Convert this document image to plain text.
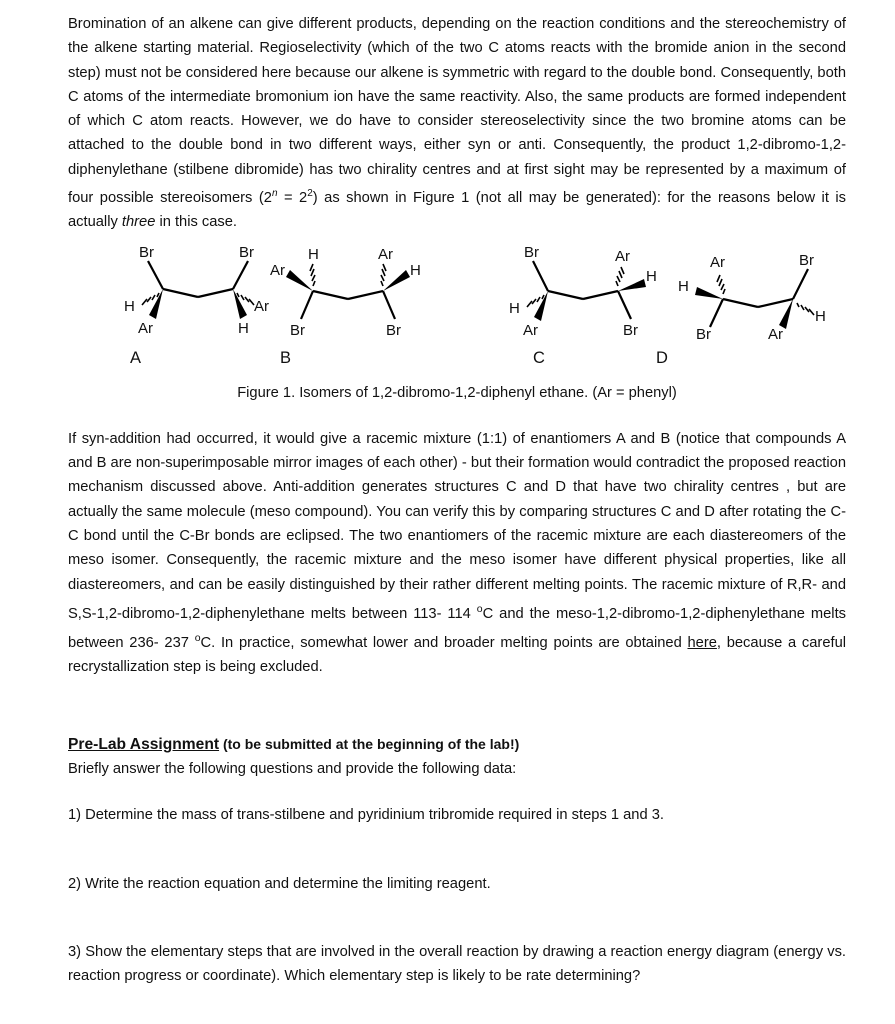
Bromination of an alkene can give different products, depending on the reaction conditions and the stereochemistry of the alkene starting material. Regioselectivity (which of the two C atoms reacts with the bromide anion in the second step) must not be considered here because our alkene is symmetric with regard to the double bond. Consequently, both C atoms of the intermediate bromonium ion have the same reactivity. Also, the same products are formed independent of which C atom reacts. However, we do have to consider stereoselectivity since the two bromine atoms can be attached to the double bond in two different ways, either syn or anti. Consequently, the product 1,2-dibromo-1,2-diphenylethane (stilbene dibromide) has two chirality centres and at first sight may be represented by a maximum of four possible stereoisomers $(2^n = 2^2)$ as shown in Figure 1 (not all may be generated): for the reasons below it is actually three in this case.

Br	Br
H
Ar
Ar
H
A
H
Ar
Ar
H
Br	Br
B
Br
H
Ar
Ar
H
Br
C
Ar
H
Br
Br
H
Ar
D

Figure 1. Isomers of 1,2-dibromo-1,2-diphenyl ethane. (Ar = phenyl)

If syn-addition had occurred, it would give a racemic mixture (1:1) of enantiomers A and B (notice that compounds A and B are non-superimposable mirror images of each other) - but their formation would contradict the proposed reaction mechanism discussed above. Anti-addition generates structures C and D that have two chirality centres , but are actually the same molecule (meso compound). You can verify this by comparing structures C and D after rotating the C-C bond until the C-Br bonds are eclipsed. The two enantiomers of the racemic mixture are each diastereomers of the meso isomer. Consequently, the racemic mixture and the meso isomer have different physical properties, like all diastereomers, and can be easily distinguished by their rather different melting points. The racemic mixture of R,R- and S,S-1,2-dibromo-1,2-diphenylethane melts between 113- 114 $^o$C and the meso-1,2-dibromo-1,2-diphenylethane melts between 236- 237 $^o$C. In practice, somewhat lower and broader melting points are obtained here, because a careful recrystallization step is being excluded.

Pre-Lab Assignment (to be submitted at the beginning of the lab!)

Briefly answer the following questions and provide the following data:

1) Determine the mass of trans-stilbene and pyridinium tribromide required in steps 1 and 3.

2) Write the reaction equation and determine the limiting reagent.

3) Show the elementary steps that are involved in the overall reaction by drawing a reaction energy diagram (energy vs. reaction progress or coordinate). Which elementary step is likely to be rate determining?
